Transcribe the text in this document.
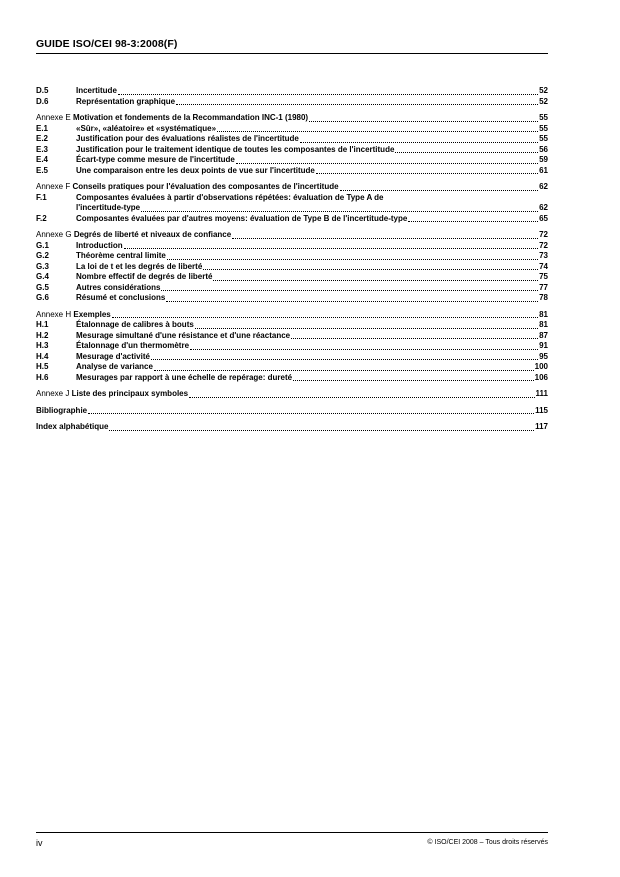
GUIDE ISO/CEI 98-3:2008(F)
D.5	Incertitude	52
D.6	Représentation graphique	52
Annexe E Motivation et fondements de la Recommandation INC-1 (1980)	55
E.1	«Sûr», «aléatoire» et «systématique»	55
E.2	Justification pour des évaluations réalistes de l'incertitude	55
E.3	Justification pour le traitement identique de toutes les composantes de l'incertitude	56
E.4	Écart-type comme mesure de l'incertitude	59
E.5	Une comparaison entre les deux points de vue sur l'incertitude	61
Annexe F Conseils pratiques pour l'évaluation des composantes de l'incertitude	62
F.1	Composantes évaluées à partir d'observations répétées: évaluation de Type A de
l'incertitude-type	62
F.2	Composantes évaluées par d'autres moyens: évaluation de Type B de l'incertitude-type	65
Annexe G Degrés de liberté et niveaux de confiance	72
G.1	Introduction	72
G.2	Théorème central limite	73
G.3	La loi de t et les degrés de liberté	74
G.4	Nombre effectif de degrés de liberté	75
G.5	Autres considérations	77
G.6	Résumé et conclusions	78
Annexe H Exemples	81
H.1	Étalonnage de calibres à bouts	81
H.2	Mesurage simultané d'une résistance et d'une réactance	87
H.3	Étalonnage d'un thermomètre	91
H.4	Mesurage d'activité	95
H.5	Analyse de variance	100
H.6	Mesurages par rapport à une échelle de repérage: dureté	106
Annexe J Liste des principaux symboles	111
Bibliographie	115
Index alphabétique	117
iv	© ISO/CEI 2008 – Tous droits réservés
